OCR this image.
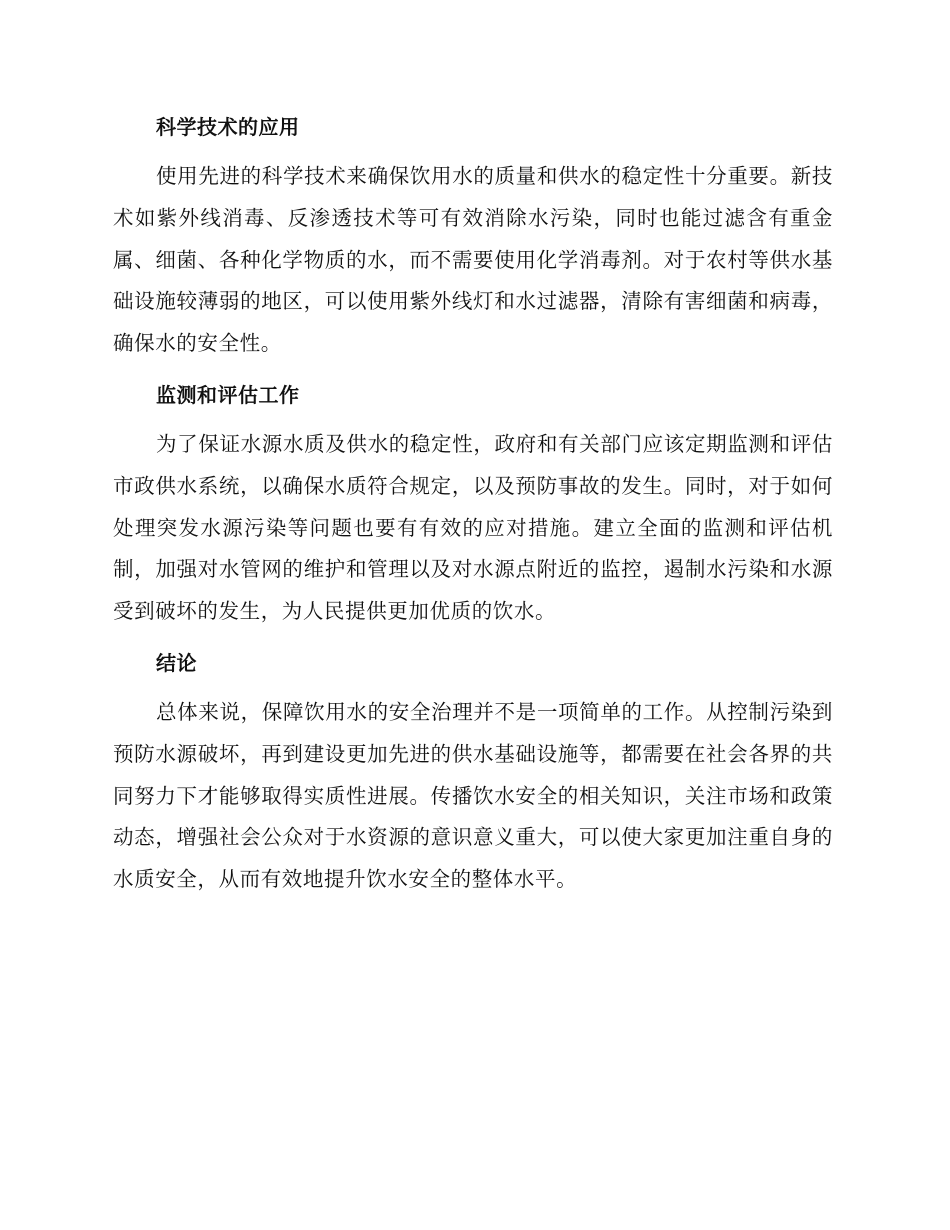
科学技术的应用

使用先进的科学技术来确保饮用水的质量和供水的稳定性十分重要。新技术如紫外线消毒、反渗透技术等可有效消除水污染，同时也能过滤含有重金属、细菌、各种化学物质的水，而不需要使用化学消毒剂。对于农村等供水基础设施较薄弱的地区，可以使用紫外线灯和水过滤器，清除有害细菌和病毒，确保水的安全性。

监测和评估工作

为了保证水源水质及供水的稳定性，政府和有关部门应该定期监测和评估市政供水系统，以确保水质符合规定，以及预防事故的发生。同时，对于如何处理突发水源污染等问题也要有有效的应对措施。建立全面的监测和评估机制，加强对水管网的维护和管理以及对水源点附近的监控，遏制水污染和水源受到破坏的发生，为人民提供更加优质的饮水。

结论

总体来说，保障饮用水的安全治理并不是一项简单的工作。从控制污染到预防水源破坏，再到建设更加先进的供水基础设施等，都需要在社会各界的共同努力下才能够取得实质性进展。传播饮水安全的相关知识，关注市场和政策动态，增强社会公众对于水资源的意识意义重大，可以使大家更加注重自身的水质安全，从而有效地提升饮水安全的整体水平。
